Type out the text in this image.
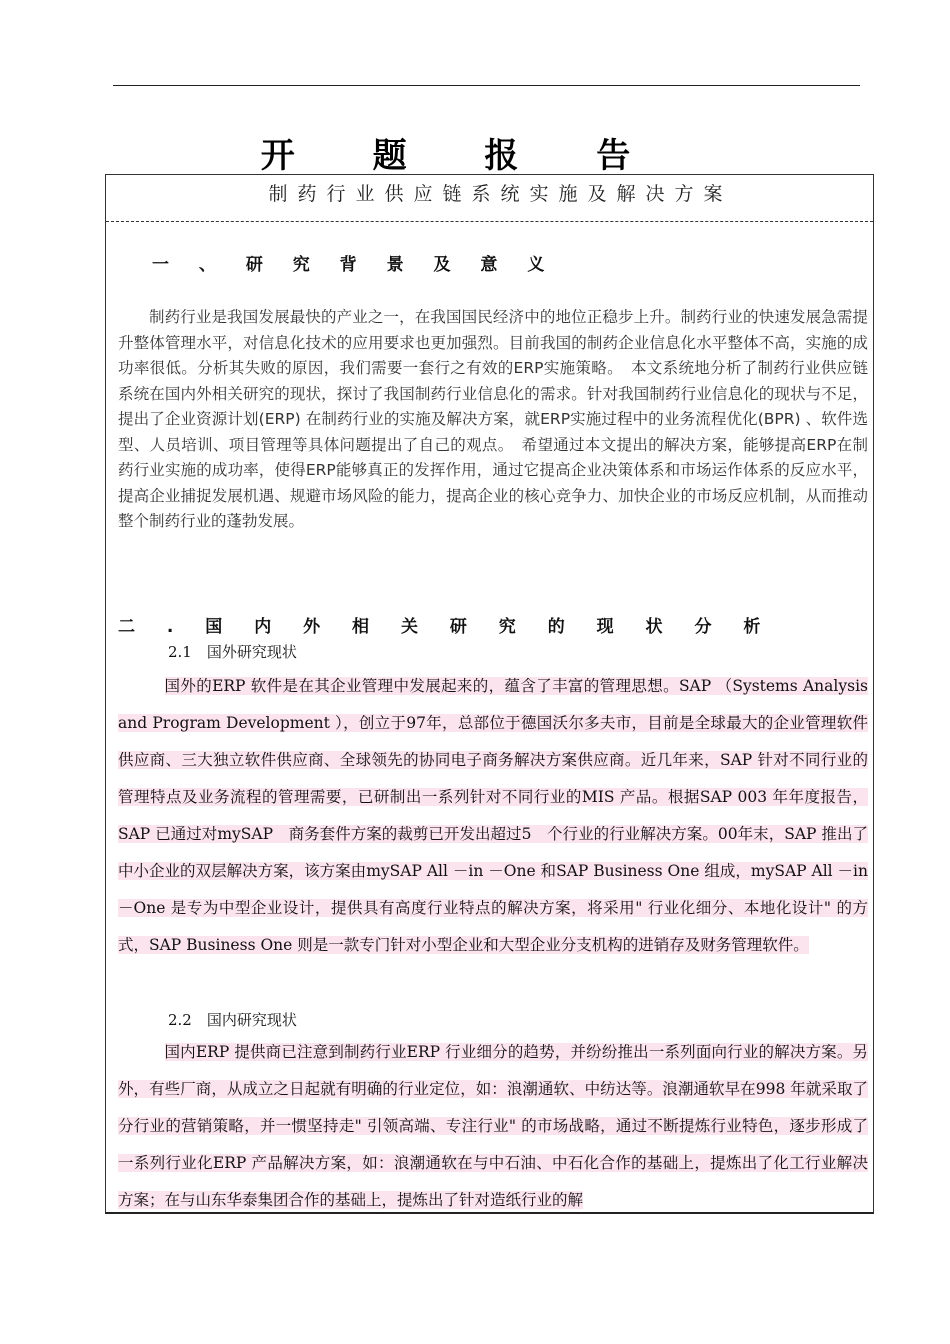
开 题 报 告
制药行业供应链系统实施及解决方案
一 、 研 究 背 景 及 意 义

制药行业是我国发展最快的产业之一，在我国国民经济中的地位正稳步上升。制药行业的快速发展急需提升整体管理水平，对信息化技术的应用要求也更加强烈。目前我国的制药企业信息化水平整体不高，实施的成功率很低。分析其失败的原因，我们需要一套行之有效的ERP实施策略。　本文系统地分析了制药行业供应链系统在国内外相关研究的现状，探讨了我国制药行业信息化的需求。针对我国制药行业信息化的现状与不足，提出了企业资源计划(ERP) 在制药行业的实施及解决方案，就ERP实施过程中的业务流程优化(BPR) 、软件选型、人员培训、项目管理等具体问题提出了自己的观点。　希望通过本文提出的解决方案，能够提高ERP在制药行业实施的成功率，使得ERP能够真正的发挥作用，通过它提高企业决策体系和市场运作体系的反应水平，提高企业捕捉发展机遇、规避市场风险的能力，提高企业的核心竞争力、加快企业的市场反应机制，从而推动整个制药行业的蓬勃发展。

二 . 国 内 外 相 关 研 究 的 现 状 分 析
2.1　国外研究现状

国外的ERP 软件是在其企业管理中发展起来的，蕴含了丰富的管理思想。SAP （Systems Analysis and Program Development ），创立于97年，总部位于德国沃尔多夫市，目前是全球最大的企业管理软件供应商、三大独立软件供应商、全球领先的协同电子商务解决方案供应商。近几年来，SAP 针对不同行业的管理特点及业务流程的管理需要，已研制出一系列针对不同行业的MIS 产品。根据SAP 003 年年度报告，SAP 已通过对mySAP　商务套件方案的裁剪已开发出超过5　个行业的行业解决方案。00年末，SAP 推出了中小企业的双层解决方案，该方案由mySAP All －in －One 和SAP Business One 组成，mySAP All －in －One 是专为中型企业设计，提供具有高度行业特点的解决方案，将采用" 行业化细分、本地化设计" 的方式，SAP Business One 则是一款专门针对小型企业和大型企业分支机构的进销存及财务管理软件。

2.2　国内研究现状

国内ERP 提供商已注意到制药行业ERP 行业细分的趋势，并纷纷推出一系列面向行业的解决方案。另外，有些厂商，从成立之日起就有明确的行业定位，如：浪潮通软、中纺达等。浪潮通软早在998 年就采取了分行业的营销策略，并一惯坚持走" 引领高端、专注行业" 的市场战略，通过不断提炼行业特色，逐步形成了一系列行业化ERP 产品解决方案，如：浪潮通软在与中石油、中石化合作的基础上，提炼出了化工行业解决方案；在与山东华泰集团合作的基础上，提炼出了针对造纸行业的解
